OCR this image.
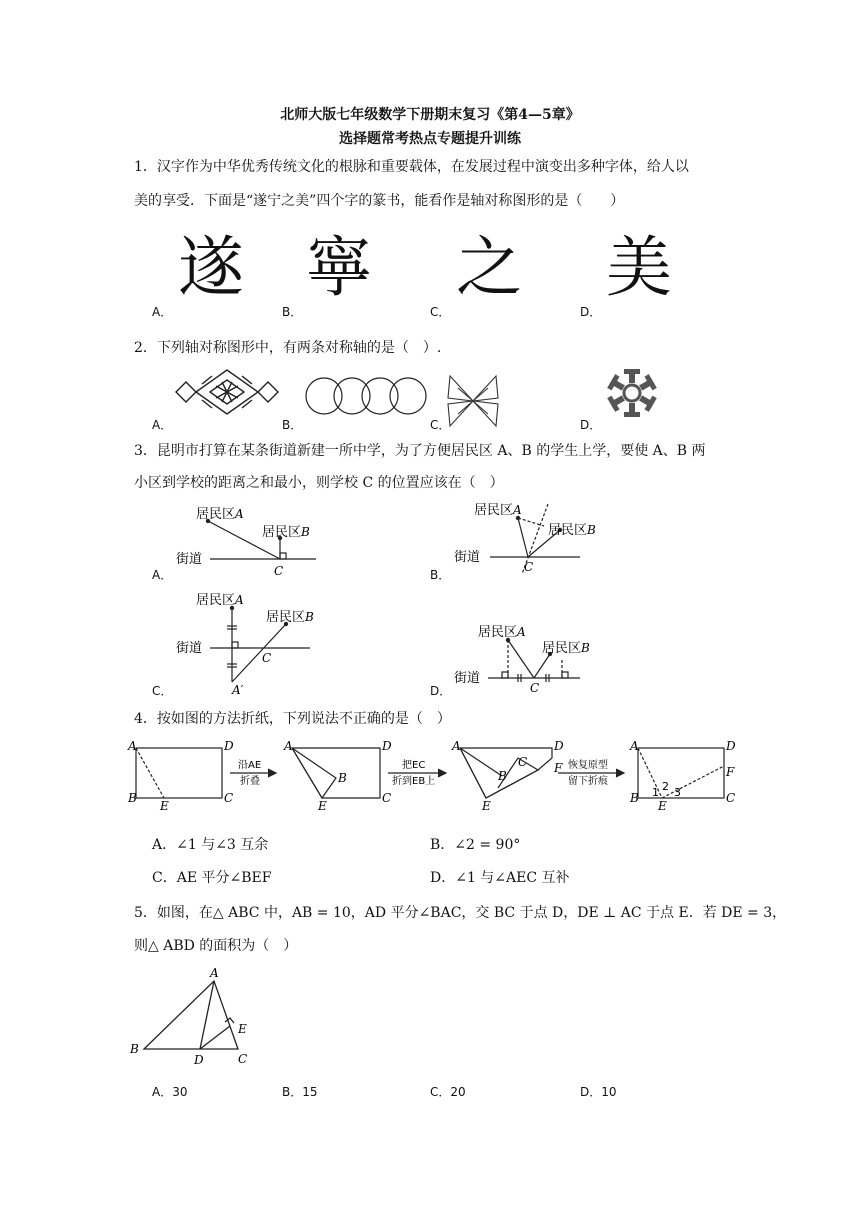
北师大版七年级数学下册期末复习《第4—5章》
选择题常考热点专题提升训练
1．汉字作为中华优秀传统文化的根脉和重要载体，在发展过程中演变出多种字体，给人以
美的享受．下面是“遂宁之美”四个字的篆书，能看作是轴对称图形的是（　　）
遂 寧 之 美
A．	B．	C．	D．
2．下列轴对称图形中，有两条对称轴的是（　）.
A．	B．	C．	D．
3．昆明市打算在某条街道新建一所中学，为了方便居民区 A、B 的学生上学，要使 A、B 两
小区到学校的距离之和最小，则学校 C 的位置应该在（　）
居民区A
居民区B
街道
C
A．
居民区A
居民区B
街道
C
B．
居民区A
居民区B
街道
C
A′
C．
居民区A
居民区B
街道
C
D．
4．按如图的方法折纸，下列说法不正确的是（　）
A	D
B	C
E
A	D
C
B
E
A	D
F
B
C
E
A	D
F
B	C
E
1 2 3
沿AE
折叠
把EC
折到EB上
恢复原型
留下折痕
A．∠1 与∠3 互余	B．∠2 = 90°
C．AE 平分∠BEF	D．∠1 与∠AEC 互补
5．如图，在△ ABC 中，AB = 10，AD 平分∠BAC，交 BC 于点 D，DE ⊥ AC 于点 E．若 DE = 3，
则△ ABD 的面积为（　）
A
B
C
D
E
A．30	B．15	C．20	D．10
